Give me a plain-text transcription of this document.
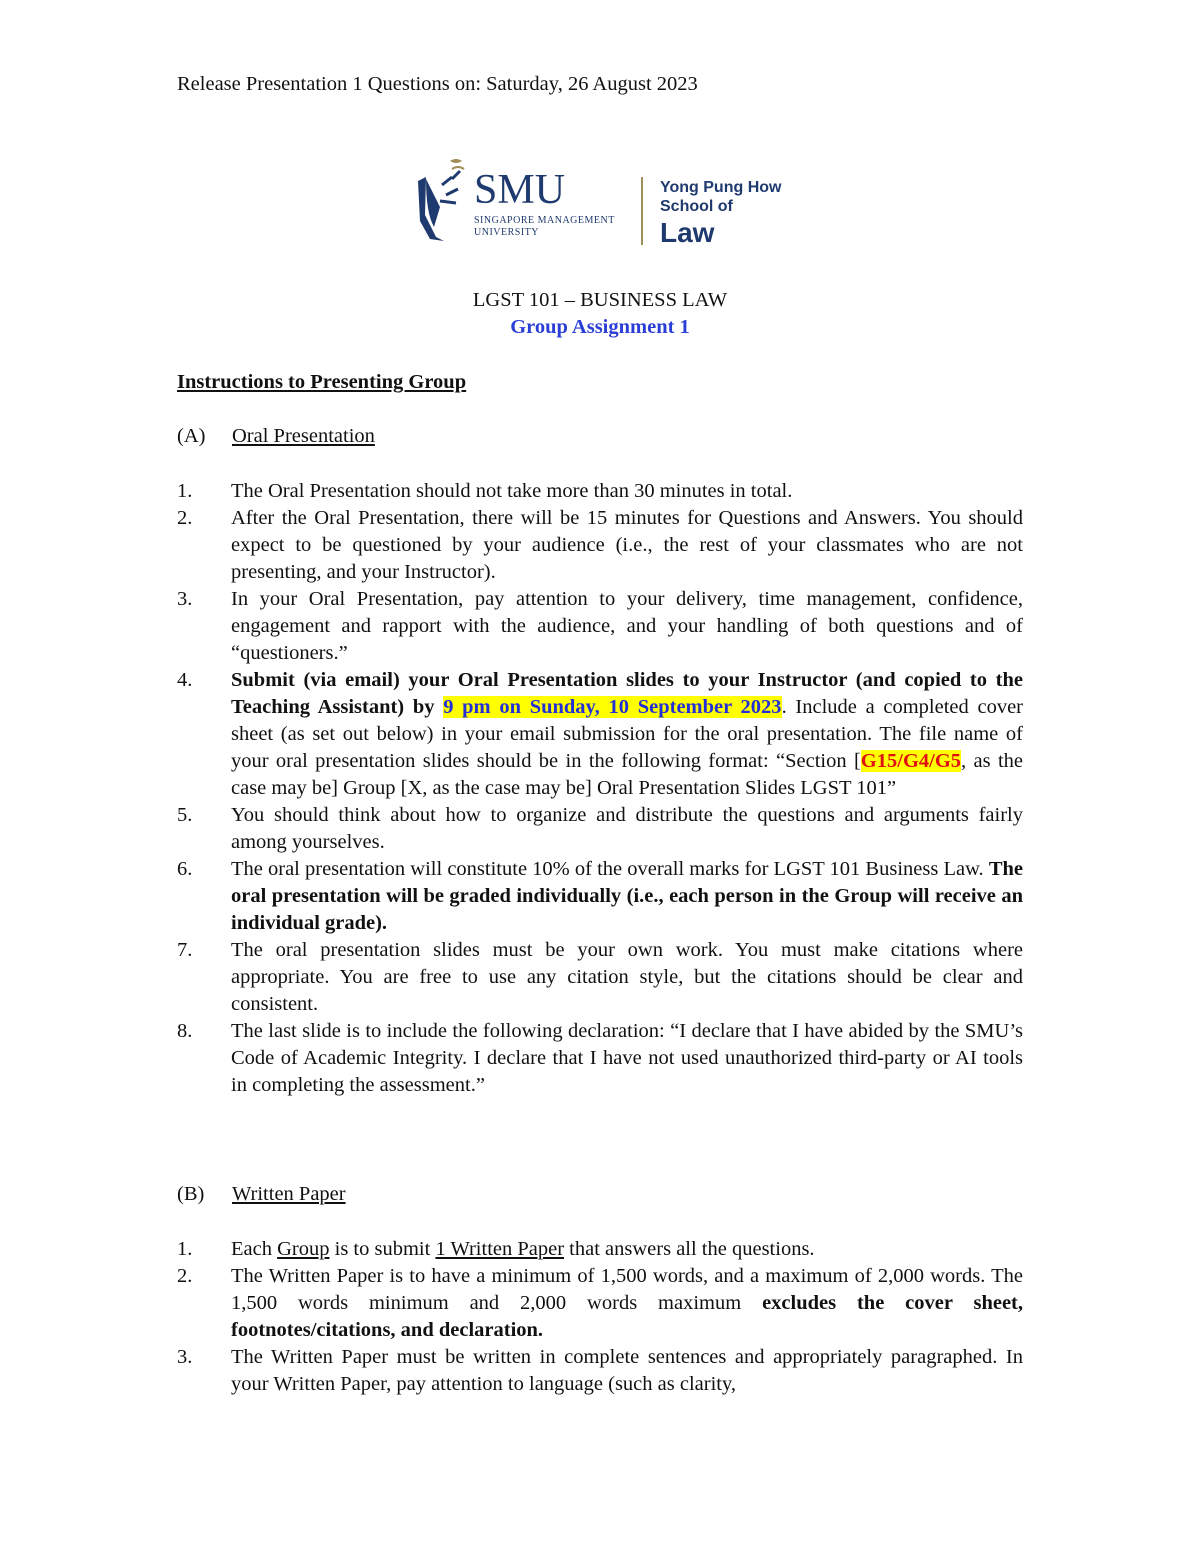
Release Presentation 1 Questions on: Saturday, 26 August 2023
SMU
SINGAPORE MANAGEMENT
UNIVERSITY
Yong Pung How
School of
Law
LGST 101 – BUSINESS LAW
Group Assignment 1
Instructions to Presenting Group
(A) Oral Presentation
1. The Oral Presentation should not take more than 30 minutes in total.
2. After the Oral Presentation, there will be 15 minutes for Questions and Answers. You should expect to be questioned by your audience (i.e., the rest of your classmates who are not presenting, and your Instructor).
3. In your Oral Presentation, pay attention to your delivery, time management, confidence, engagement and rapport with the audience, and your handling of both questions and of “questioners.”
4. Submit (via email) your Oral Presentation slides to your Instructor (and copied to the Teaching Assistant) by 9 pm on Sunday, 10 September 2023. Include a completed cover sheet (as set out below) in your email submission for the oral presentation. The file name of your oral presentation slides should be in the following format: “Section [G15/G4/G5, as the case may be] Group [X, as the case may be] Oral Presentation Slides LGST 101”
5. You should think about how to organize and distribute the questions and arguments fairly among yourselves.
6. The oral presentation will constitute 10% of the overall marks for LGST 101 Business Law. The oral presentation will be graded individually (i.e., each person in the Group will receive an individual grade).
7. The oral presentation slides must be your own work. You must make citations where appropriate. You are free to use any citation style, but the citations should be clear and consistent.
8. The last slide is to include the following declaration: “I declare that I have abided by the SMU’s Code of Academic Integrity. I declare that I have not used unauthorized third-party or AI tools in completing the assessment.”
(B) Written Paper
1. Each Group is to submit 1 Written Paper that answers all the questions.
2. The Written Paper is to have a minimum of 1,500 words, and a maximum of 2,000 words. The 1,500 words minimum and 2,000 words maximum excludes the cover sheet, footnotes/citations, and declaration.
3. The Written Paper must be written in complete sentences and appropriately paragraphed. In your Written Paper, pay attention to language (such as clarity,
